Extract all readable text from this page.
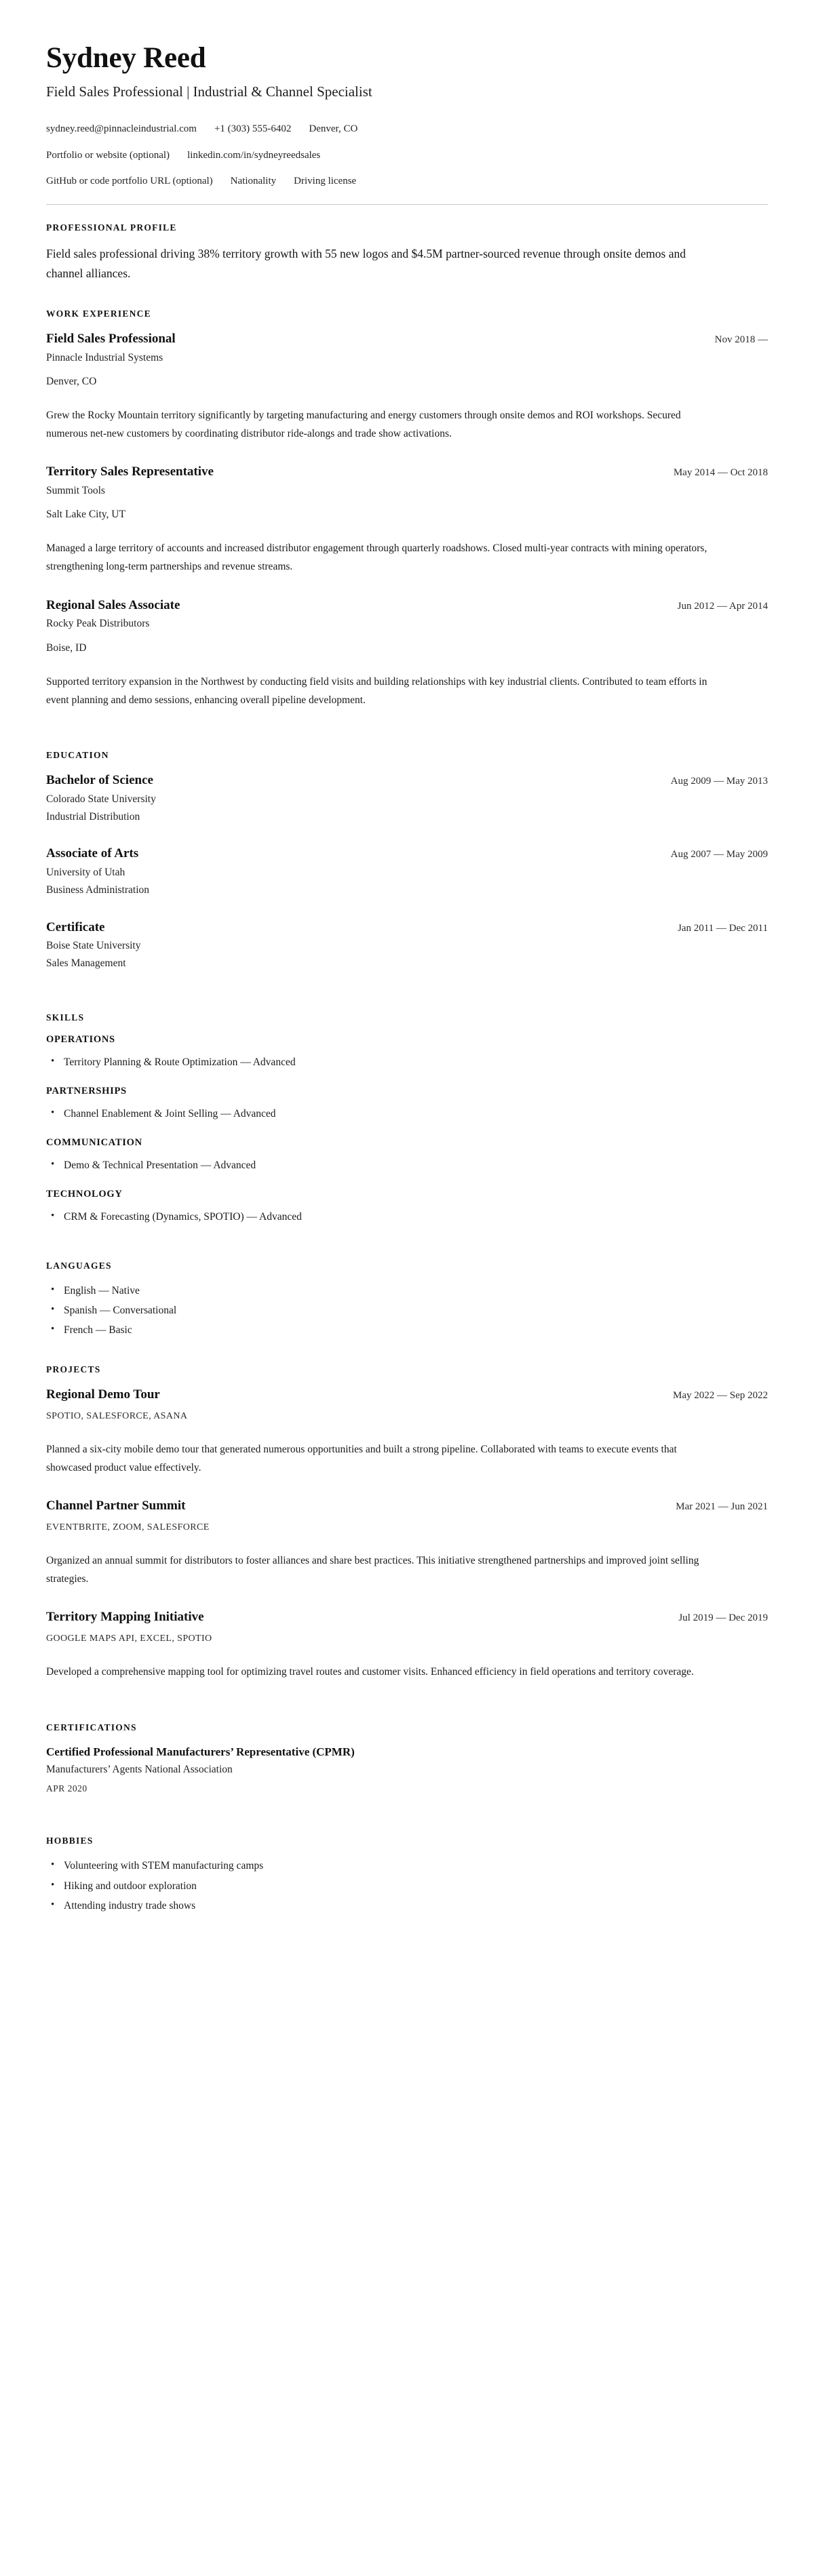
Sydney Reed
Field Sales Professional | Industrial & Channel Specialist
sydney.reed@pinnacleindustrial.com +1 (303) 555-6402 Denver, CO
Portfolio or website (optional) linkedin.com/in/sydneyreedsales
GitHub or code portfolio URL (optional) Nationality Driving license
PROFESSIONAL PROFILE

Field sales professional driving 38% territory growth with 55 new logos and $4.5M partner-sourced revenue through onsite demos and channel alliances.

WORK EXPERIENCE
Field Sales Professional	Nov 2018 —
Pinnacle Industrial Systems
Denver, CO

Grew the Rocky Mountain territory significantly by targeting manufacturing and energy customers through onsite demos and ROI workshops. Secured numerous net-new customers by coordinating distributor ride-alongs and trade show activations.

Territory Sales Representative	May 2014 — Oct 2018
Summit Tools
Salt Lake City, UT

Managed a large territory of accounts and increased distributor engagement through quarterly roadshows. Closed multi-year contracts with mining operators, strengthening long-term partnerships and revenue streams.

Regional Sales Associate	Jun 2012 — Apr 2014
Rocky Peak Distributors
Boise, ID

Supported territory expansion in the Northwest by conducting field visits and building relationships with key industrial clients. Contributed to team efforts in event planning and demo sessions, enhancing overall pipeline development.

EDUCATION
Bachelor of Science	Aug 2009 — May 2013
Colorado State University
Industrial Distribution
Associate of Arts	Aug 2007 — May 2009
University of Utah
Business Administration
Certificate	Jan 2011 — Dec 2011
Boise State University
Sales Management
SKILLS
OPERATIONS
• Territory Planning & Route Optimization — Advanced
PARTNERSHIPS
• Channel Enablement & Joint Selling — Advanced
COMMUNICATION
• Demo & Technical Presentation — Advanced
TECHNOLOGY
• CRM & Forecasting (Dynamics, SPOTIO) — Advanced
LANGUAGES
• English — Native
• Spanish — Conversational
• French — Basic
PROJECTS
Regional Demo Tour	May 2022 — Sep 2022
SPOTIO, SALESFORCE, ASANA

Planned a six-city mobile demo tour that generated numerous opportunities and built a strong pipeline. Collaborated with teams to execute events that showcased product value effectively.

Channel Partner Summit	Mar 2021 — Jun 2021
EVENTBRITE, ZOOM, SALESFORCE

Organized an annual summit for distributors to foster alliances and share best practices. This initiative strengthened partnerships and improved joint selling strategies.

Territory Mapping Initiative	Jul 2019 — Dec 2019
GOOGLE MAPS API, EXCEL, SPOTIO

Developed a comprehensive mapping tool for optimizing travel routes and customer visits. Enhanced efficiency in field operations and territory coverage.

CERTIFICATIONS
Certified Professional Manufacturers’ Representative (CPMR)
Manufacturers’ Agents National Association
APR 2020
HOBBIES
• Volunteering with STEM manufacturing camps
• Hiking and outdoor exploration
• Attending industry trade shows
